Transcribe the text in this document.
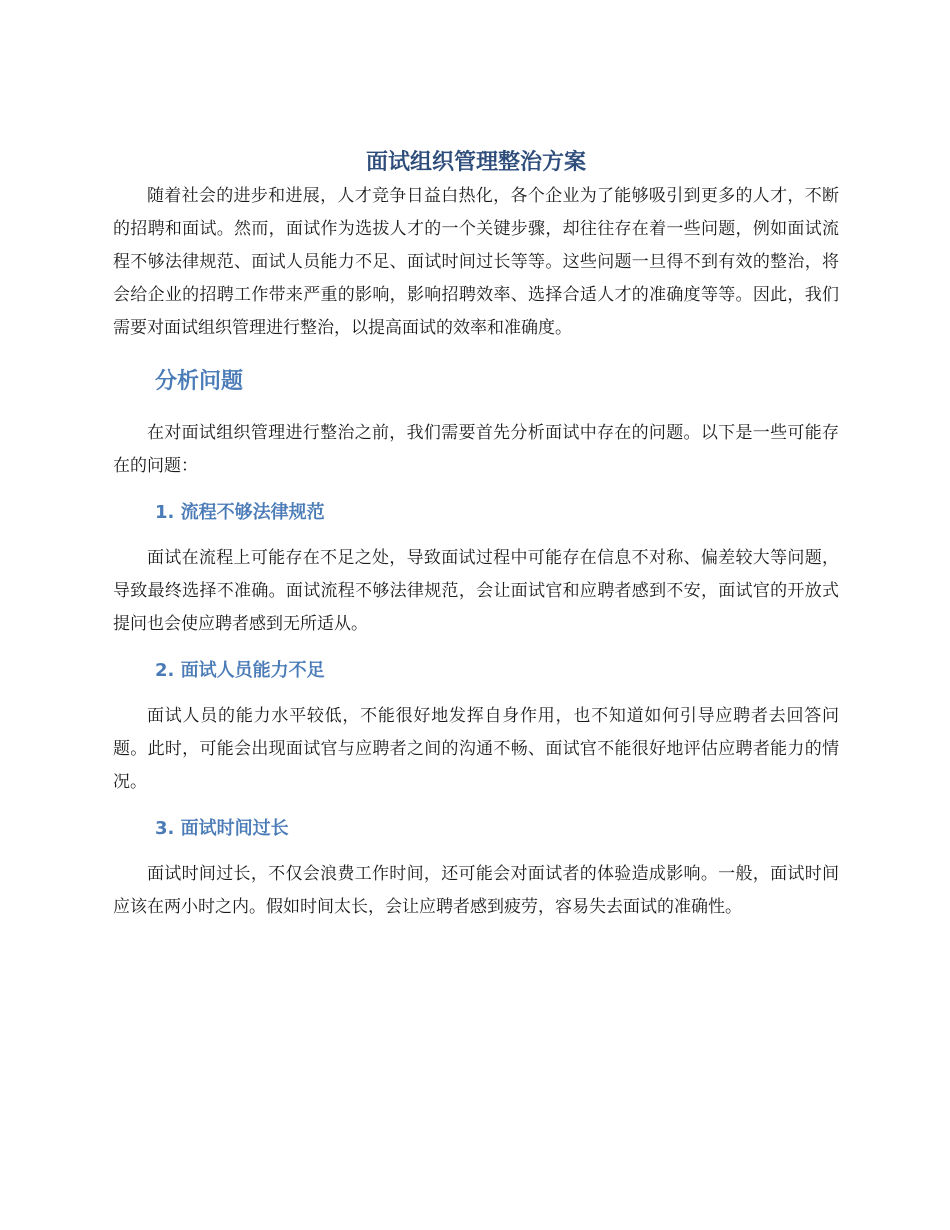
面试组织管理整治方案

随着社会的进步和进展，人才竞争日益白热化，各个企业为了能够吸引到更多的人才，不断的招聘和面试。然而，面试作为选拔人才的一个关键步骤，却往往存在着一些问题，例如面试流程不够法律规范、面试人员能力不足、面试时间过长等等。这些问题一旦得不到有效的整治，将会给企业的招聘工作带来严重的影响，影响招聘效率、选择合适人才的准确度等等。因此，我们需要对面试组织管理进行整治，以提高面试的效率和准确度。

分析问题

在对面试组织管理进行整治之前，我们需要首先分析面试中存在的问题。以下是一些可能存在的问题：

1. 流程不够法律规范

面试在流程上可能存在不足之处，导致面试过程中可能存在信息不对称、偏差较大等问题，导致最终选择不准确。面试流程不够法律规范，会让面试官和应聘者感到不安，面试官的开放式提问也会使应聘者感到无所适从。

2. 面试人员能力不足

面试人员的能力水平较低，不能很好地发挥自身作用，也不知道如何引导应聘者去回答问题。此时，可能会出现面试官与应聘者之间的沟通不畅、面试官不能很好地评估应聘者能力的情况。

3. 面试时间过长

面试时间过长，不仅会浪费工作时间，还可能会对面试者的体验造成影响。一般，面试时间应该在两小时之内。假如时间太长，会让应聘者感到疲劳，容易失去面试的准确性。
